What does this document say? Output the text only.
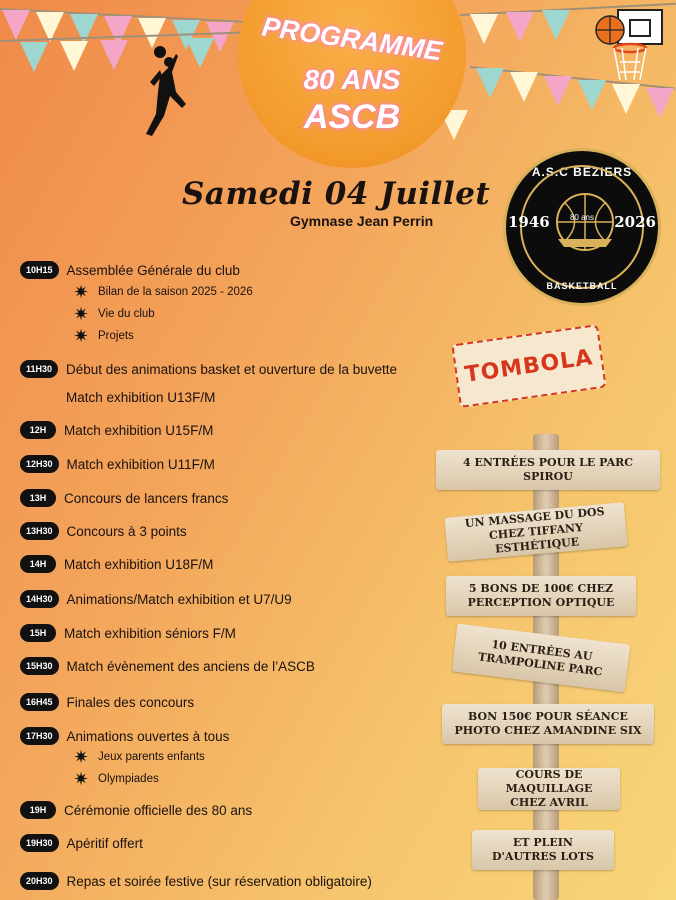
PROGRAMME
80 ANS
ASCB
Samedi 04 Juillet
Gymnase Jean Perrin
A.S.C BEZIERS
1946	2026
80 ans
BASKETBALL
10H15	Assemblée Générale du club
✷ Bilan de la saison 2025 - 2026
✷ Vie du club
✷ Projets
11H30	Début des animations basket et ouverture de la buvette
Match exhibition U13F/M
12H	Match exhibition U15F/M
12H30	Match exhibition U11F/M
13H	Concours de lancers francs
13H30	Concours à 3 points
14H	Match exhibition U18F/M
14H30	Animations/Match exhibition et U7/U9
15H	Match exhibition séniors F/M
15H30	Match évènement des anciens de l’ASCB
16H45	Finales des concours
17H30	Animations ouvertes à tous
✷ Jeux parents enfants
✷ Olympiades
19H	Cérémonie officielle des 80 ans
19H30	Apéritif offert
20H30	Repas et soirée festive (sur réservation obligatoire)
TOMBOLA
4 ENTRÉES POUR LE PARC SPIROU
UN MASSAGE DU DOS CHEZ TIFFANY ESTHÉTIQUE
5 BONS DE 100€ CHEZ PERCEPTION OPTIQUE
10 ENTRÉES AU TRAMPOLINE PARC
BON 150€ POUR SÉANCE PHOTO CHEZ AMANDINE SIX
COURS DE MAQUILLAGE CHEZ AVRIL
ET PLEIN D'AUTRES LOTS
